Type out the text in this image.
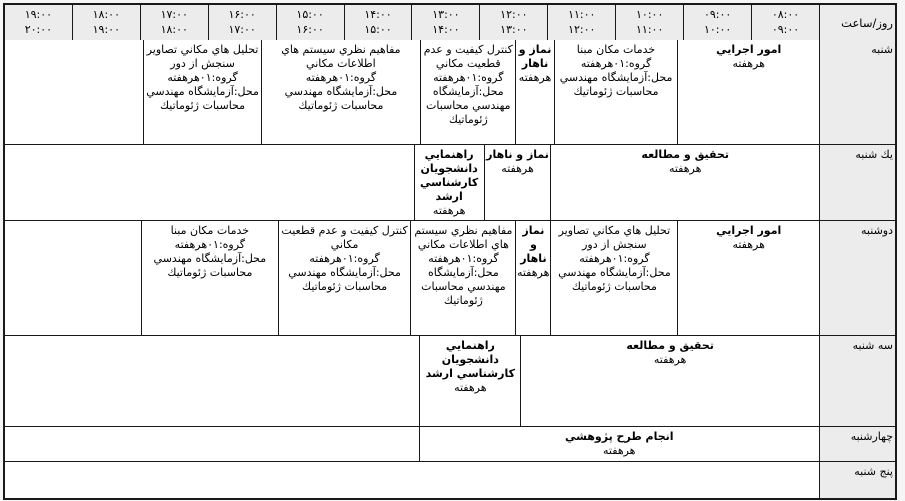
روز/ساعت
۰۸:۰۰
۰۹:۰۰
۰۹:۰۰
۱۰:۰۰
۱۰:۰۰
۱۱:۰۰
۱۱:۰۰
۱۲:۰۰
۱۲:۰۰
۱۳:۰۰
۱۳:۰۰
۱۴:۰۰
۱۴:۰۰
۱۵:۰۰
۱۵:۰۰
۱۶:۰۰
۱۶:۰۰
۱۷:۰۰
۱۷:۰۰
۱۸:۰۰
۱۸:۰۰
۱۹:۰۰
۱۹:۰۰
۲۰:۰۰
شنبه
امور اجرايي
هرهفته
خدمات مكان مبنا
گروه:۰۱هرهفته
محل:آزمايشگاه مهندسي محاسبات ژئوماتيك
نماز و ناهار
هرهفته
كنترل كيفيت و عدم قطعيت مكاني
گروه:۰۱هرهفته
محل:آزمايشگاه مهندسي محاسبات ژئوماتيك
مفاهيم نظري سيستم هاي اطلاعات مكاني
گروه:۰۱هرهفته
محل:آزمايشگاه مهندسي محاسبات ژئوماتيك
تحليل هاي مكاني تصاوير سنجش از دور
گروه:۰۱هرهفته
محل:آزمايشگاه مهندسي محاسبات ژئوماتيك
يك شنبه
تحقيق و مطالعه
هرهفته
نماز و ناهار
هرهفته
راهنمايي دانشجويان كارشناسي ارشد
هرهفته
دوشنبه
امور اجرايي
هرهفته
تحليل هاي مكاني تصاوير سنجش از دور
گروه:۰۱هرهفته
محل:آزمايشگاه مهندسي محاسبات ژئوماتيك
نماز و ناهار
هرهفته
مفاهيم نظري سيستم هاي اطلاعات مكاني
گروه:۰۱هرهفته
محل:آزمايشگاه مهندسي محاسبات ژئوماتيك
كنترل كيفيت و عدم قطعيت مكاني
گروه:۰۱هرهفته
محل:آزمايشگاه مهندسي محاسبات ژئوماتيك
خدمات مكان مبنا
گروه:۰۱هرهفته
محل:آزمايشگاه مهندسي محاسبات ژئوماتيك
سه شنبه
تحقيق و مطالعه
هرهفته
راهنمايي دانشجويان كارشناسي ارشد
هرهفته
چهارشنبه
انجام طرح پژوهشي
هرهفته
پنج شنبه
